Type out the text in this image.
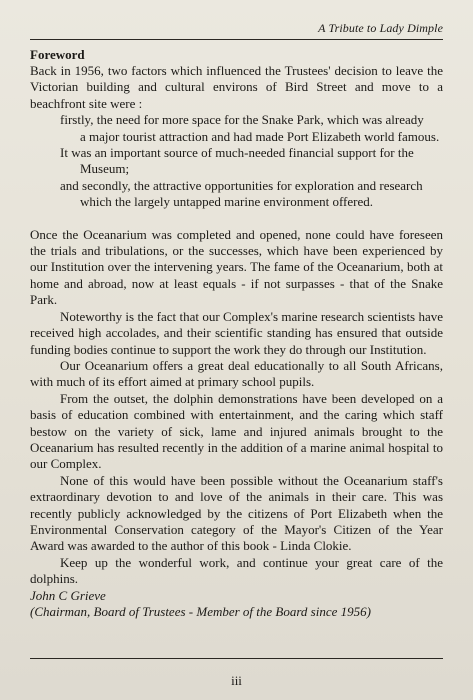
A Tribute to Lady Dimple

Foreword

Back in 1956, two factors which influenced the Trustees' decision to leave the Victorian building and cultural environs of Bird Street and move to a beachfront site were :

firstly, the need for more space for the Snake Park, which was already

a major tourist attraction and had made Port Elizabeth world famous.

It was an important source of much-needed financial support for the

Museum;

and secondly, the attractive opportunities for exploration and research

which the largely untapped marine environment offered.

Once the Oceanarium was completed and opened, none could have foreseen the trials and tribulations, or the successes, which have been experienced by our Institution over the intervening years. The fame of the Oceanarium, both at home and abroad, now at least equals - if not surpasses - that of the Snake Park.

Noteworthy is the fact that our Complex's marine research scientists have received high accolades, and their scientific standing has ensured that outside funding bodies continue to support the work they do through our Institution.

Our Oceanarium offers a great deal educationally to all South Africans, with much of its effort aimed at primary school pupils.

From the outset, the dolphin demonstrations have been developed on a basis of education combined with entertainment, and the caring which staff bestow on the variety of sick, lame and injured animals brought to the Oceanarium has resulted recently in the addition of a marine animal hospital to our Complex.

None of this would have been possible without the Oceanarium staff's extraordinary devotion to and love of the animals in their care. This was recently publicly acknowledged by the citizens of Port Elizabeth when the Environmental Conservation category of the Mayor's Citizen of the Year Award was awarded to the author of this book - Linda Clokie.

Keep up the wonderful work, and continue your great care of the dolphins.

John C Grieve

(Chairman, Board of Trustees - Member of the Board since 1956)

iii
